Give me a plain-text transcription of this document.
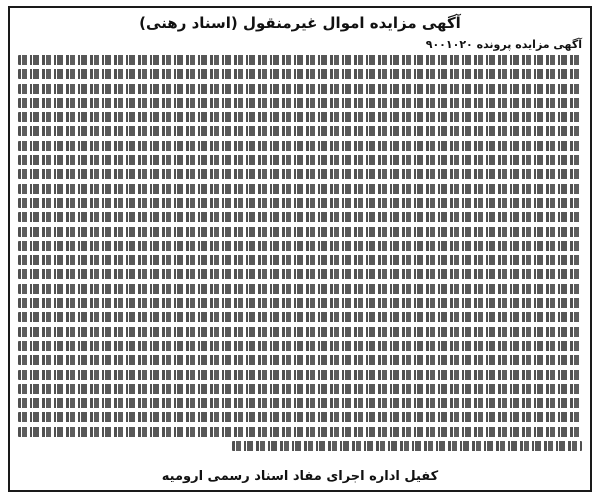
آگهی مزایده اموال غیرمنقول (اسناد رهنی)
آگهی مزایده پرونده ۹۰۰۱۰۲۰
کفیل اداره اجرای مفاد اسناد رسمی ارومیه
